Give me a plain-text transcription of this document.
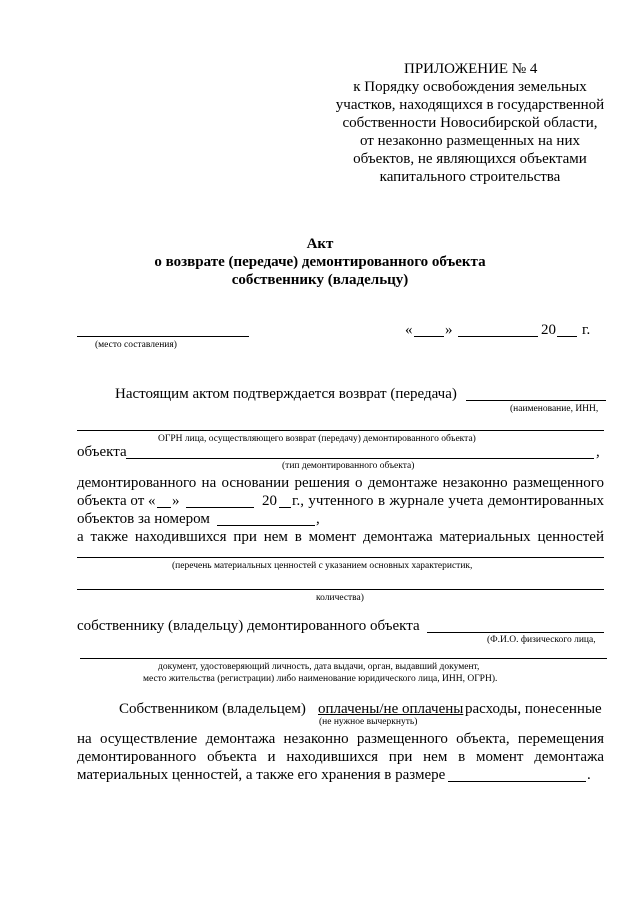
ПРИЛОЖЕНИЕ № 4
к Порядку освобождения земельных
участков, находящихся в государственной
собственности Новосибирской области,
от незаконно размещенных на них
объектов, не являющихся объектами
капитального строительства
Акт
о возврате (передаче) демонтированного объекта
собственнику (владельцу)
(место составления)
« »	20 г.
Настоящим актом подтверждается возврат (передача)
(наименование, ИНН,
ОГРН лица, осуществляющего возврат (передачу) демонтированного объекта)
объекта	,
(тип демонтированного объекта)
демонтированного на основании решения о демонтаже незаконно размещенного
объекта от « »	20 г., учтенного в журнале учета демонтированных
объектов за номером	,
а также находившихся при нем в момент демонтажа материальных ценностей
(перечень материальных ценностей с указанием основных характеристик,
количества)
собственнику (владельцу) демонтированного объекта
(Ф.И.О. физического лица,
документ, удостоверяющий личность, дата выдачи, орган, выдавший документ,
место жительства (регистрации) либо наименование юридического лица, ИНН, ОГРН).
Собственником (владельцем) оплачены/не оплачены расходы, понесенные
(не нужное вычеркнуть)
на осуществление демонтажа незаконно размещенного объекта, перемещения
демонтированного объекта и находившихся при нем в момент демонтажа
материальных ценностей, а также его хранения в размере	.
